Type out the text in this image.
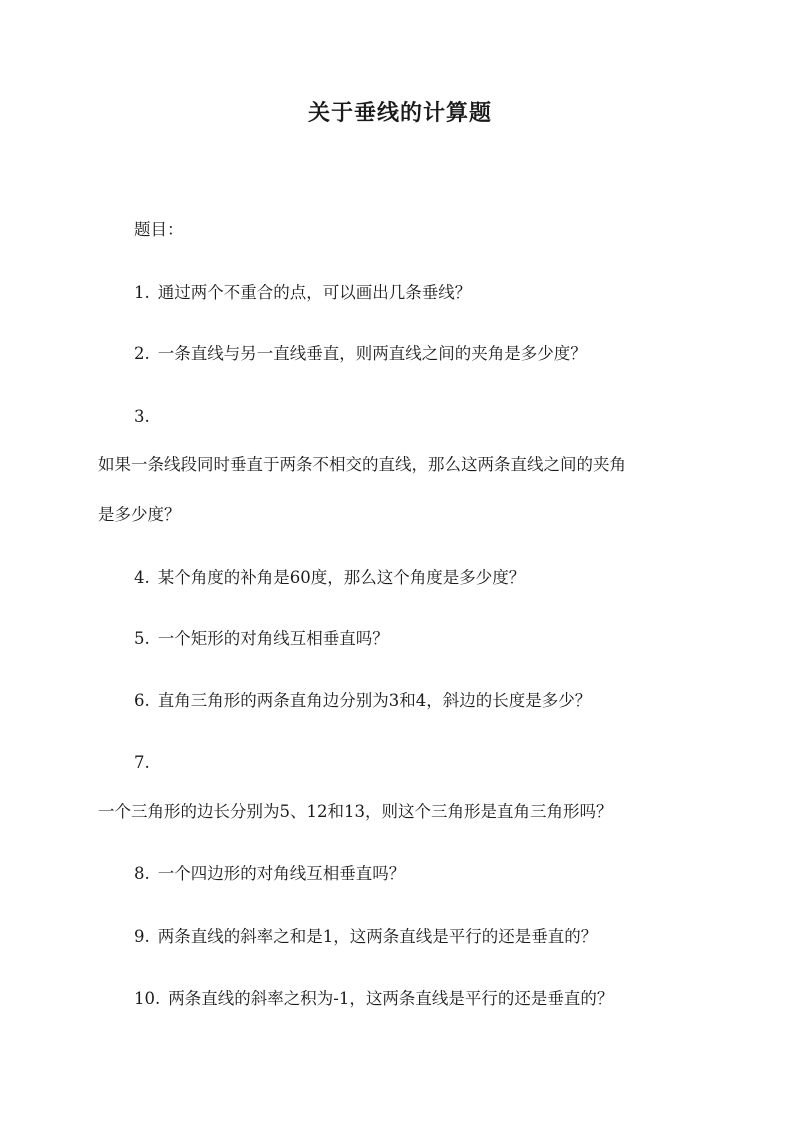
关于垂线的计算题
题目：
1. 通过两个不重合的点，可以画出几条垂线？
2. 一条直线与另一直线垂直，则两直线之间的夹角是多少度？
3.
如果一条线段同时垂直于两条不相交的直线，那么这两条直线之间的夹角
是多少度？
4. 某个角度的补角是60度，那么这个角度是多少度？
5. 一个矩形的对角线互相垂直吗？
6. 直角三角形的两条直角边分别为3和4，斜边的长度是多少？
7.
一个三角形的边长分别为5、12和13，则这个三角形是直角三角形吗？
8. 一个四边形的对角线互相垂直吗？
9. 两条直线的斜率之和是1，这两条直线是平行的还是垂直的？
10. 两条直线的斜率之积为-1，这两条直线是平行的还是垂直的？
